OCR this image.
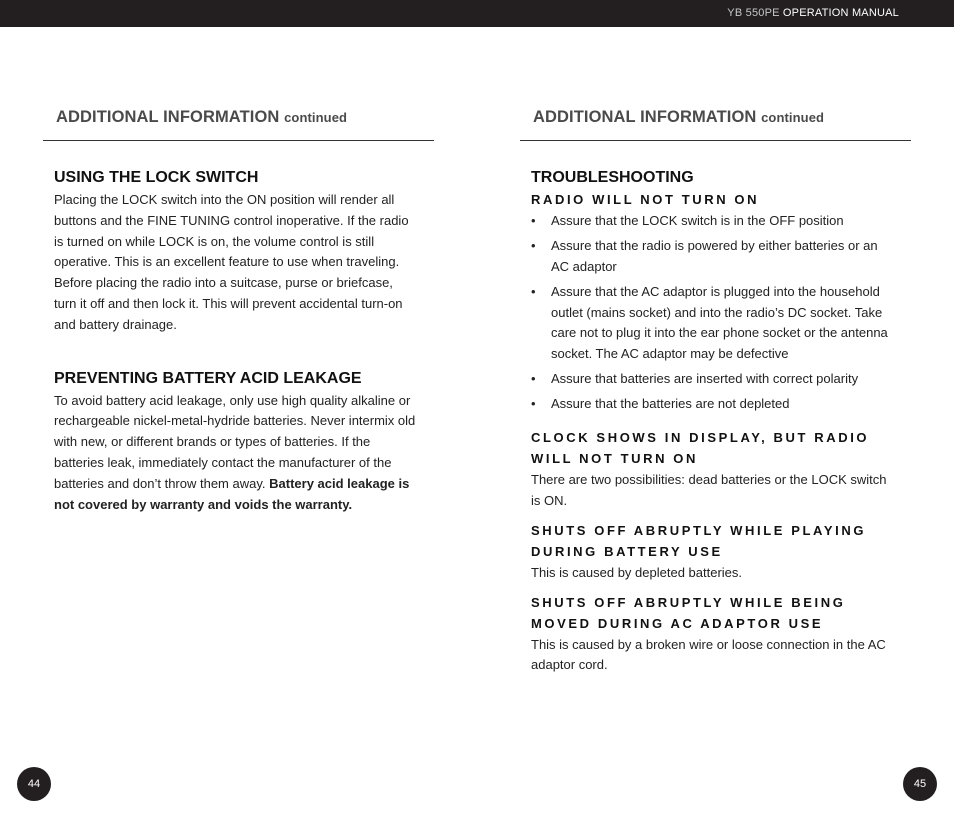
YB 550PE OPERATION MANUAL
ADDITIONAL INFORMATION continued
USING THE LOCK SWITCH

Placing the LOCK switch into the ON position will render all buttons and the FINE TUNING control inoperative. If the radio is turned on while LOCK is on, the volume control is still operative. This is an excellent feature to use when traveling. Before placing the radio into a suitcase, purse or briefcase, turn it off and then lock it. This will prevent accidental turn-on and battery drainage.

PREVENTING BATTERY ACID LEAKAGE

To avoid battery acid leakage, only use high quality alkaline or rechargeable nickel-metal-hydride batteries. Never intermix old with new, or different brands or types of batteries. If the batteries leak, immediately contact the manufacturer of the batteries and don’t throw them away. Battery acid leakage is not covered by warranty and voids the warranty.

44
ADDITIONAL INFORMATION continued
TROUBLESHOOTING
RADIO WILL NOT TURN ON
• Assure that the LOCK switch is in the OFF position
• Assure that the radio is powered by either batteries or an AC adaptor
• Assure that the AC adaptor is plugged into the household outlet (mains socket) and into the radio’s DC socket. Take care not to plug it into the ear phone socket or the antenna socket. The AC adaptor may be defective
• Assure that batteries are inserted with correct polarity
• Assure that the batteries are not depleted
CLOCK SHOWS IN DISPLAY, BUT RADIO WILL NOT TURN ON

There are two possibilities: dead batteries or the LOCK switch is ON.

SHUTS OFF ABRUPTLY WHILE PLAYING DURING BATTERY USE

This is caused by depleted batteries.

SHUTS OFF ABRUPTLY WHILE BEING MOVED DURING AC ADAPTOR USE

This is caused by a broken wire or loose connection in the AC adaptor cord.

45
